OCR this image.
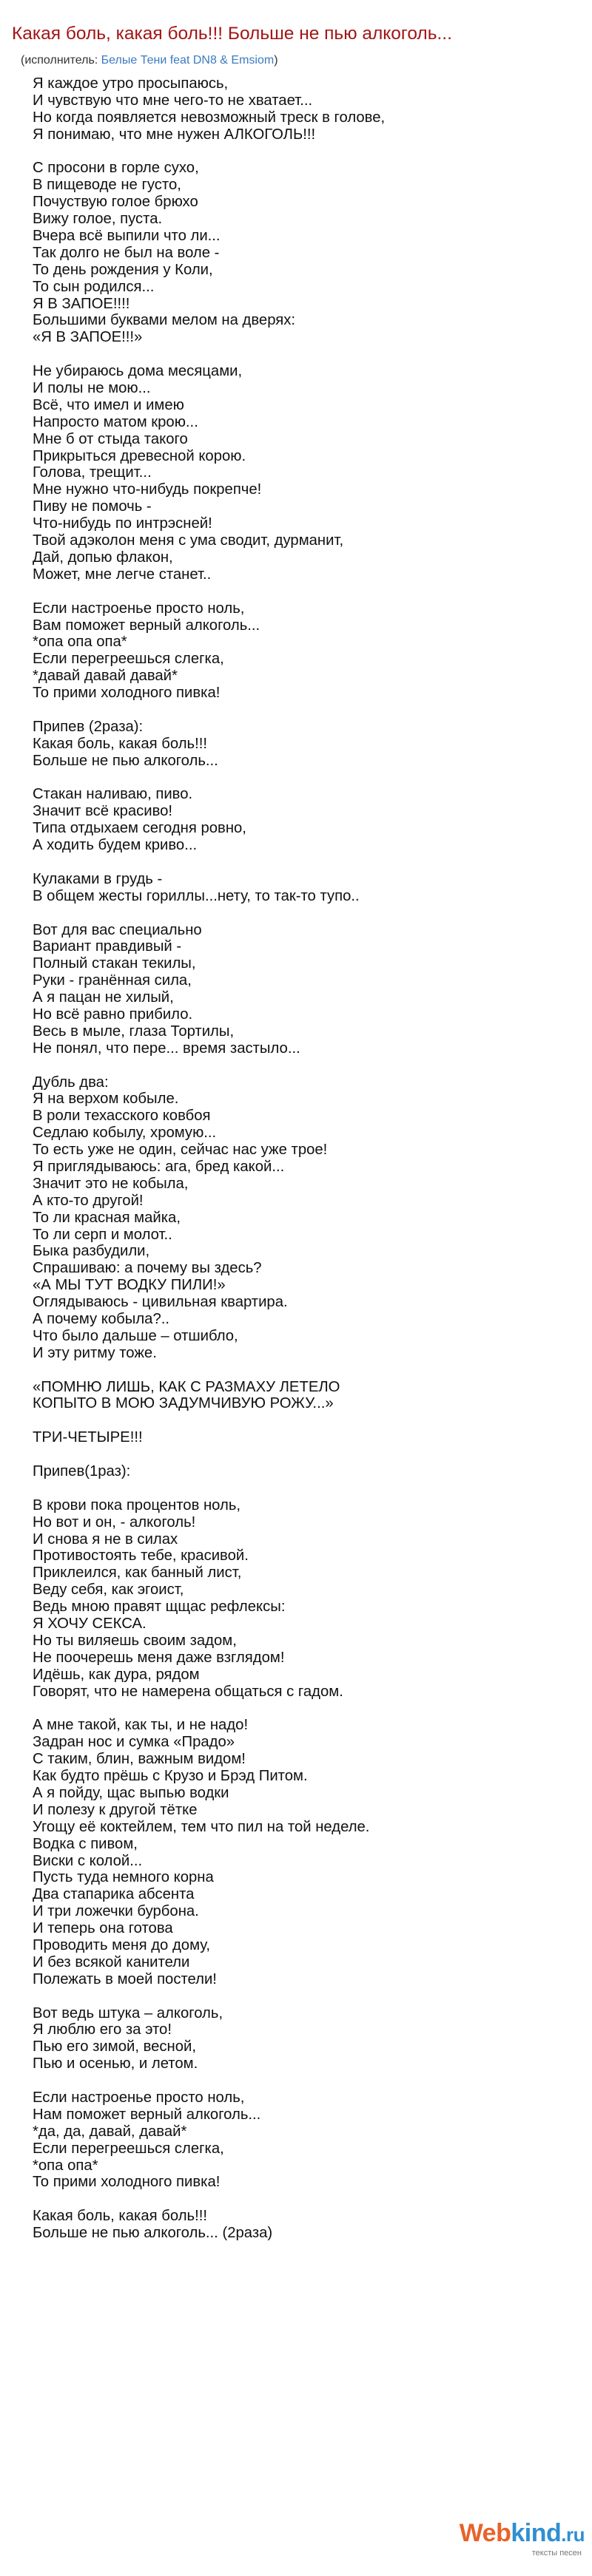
Какая боль, какая боль!!! Больше не пью алкоголь...
(исполнитель: Белые Тени feat DN8 & Emsiom)
Я каждое утро просыпаюсь,
И чувствую что мне чего-то не хватает...
Но когда появляется невозможный треск в голове,
Я понимаю, что мне нужен АЛКОГОЛЬ!!!
С просони в горле сухо,
В пищеводе не густо,
Почуствую голое брюхо
Вижу голое, пуста.
Вчера всё выпили что ли...
Так долго не был на воле -
То день рождения у Коли,
То сын родился...
Я В ЗАПОЕ!!!!
Большими буквами мелом на дверях:
«Я В ЗАПОЕ!!!»
Не убираюсь дома месяцами,
И полы не мою...
Всё, что имел и имею
Напросто матом крою...
Мне б от стыда такого
Прикрыться древесной корою.
Голова, трещит...
Мне нужно что-нибудь покрепче!
Пиву не помочь -
Что-нибудь по интрэсней!
Твой адэколон меня с ума сводит, дурманит,
Дай, допью флакон,
Может, мне легче станет..
Если настроенье просто ноль,
Вам поможет верный алкоголь...
*опа опа опа*
Если перегреешься слегка,
*давай давай давай*
То прими холодного пивка!
Припев (2раза):
Какая боль, какая боль!!!
Больше не пью алкоголь...
Стакан наливаю, пиво.
Значит всё красиво!
Типа отдыхаем сегодня ровно,
А ходить будем криво...
Кулаками в грудь -
В общем жесты гориллы...нету, то так-то тупо..
Вот для вас специально
Вариант правдивый -
Полный стакан текилы,
Руки - гранённая сила,
А я пацан не хилый,
Но всё равно прибило.
Весь в мыле, глаза Тортилы,
Не понял, что пере... время застыло...
Дубль два:
Я на верхом кобыле.
В роли техасского ковбоя
Седлаю кобылу, хромую...
То есть уже не один, сейчас нас уже трое!
Я приглядываюсь: ага, бред какой...
Значит это не кобыла,
А кто-то другой!
То ли красная майка,
То ли серп и молот..
Быка разбудили,
Спрашиваю: а почему вы здесь?
«А МЫ ТУТ ВОДКУ ПИЛИ!»
Оглядываюсь - цивильная квартира.
А почему кобыла?..
Что было дальше – отшибло,
И эту ритму тоже.
«ПОМНЮ ЛИШЬ, КАК С РАЗМАХУ ЛЕТЕЛО
КОПЫТО В МОЮ ЗАДУМЧИВУЮ РОЖУ...»
ТРИ-ЧЕТЫРЕ!!!
Припев(1раз):
В крови пока процентов ноль,
Но вот и он, - алкоголь!
И снова я не в силах
Противостоять тебе, красивой.
Приклеился, как банный лист,
Веду себя, как эгоист,
Ведь мною правят щщас рефлексы:
Я ХОЧУ СЕКСА.
Но ты виляешь своим задом,
Не поочерешь меня даже взглядом!
Идёшь, как дура, рядом
Говорят, что не намерена общаться с гадом.
А мне такой, как ты, и не надо!
Задран нос и сумка «Прадо»
С таким, блин, важным видом!
Как будто прёшь с Крузо и Брэд Питом.
А я пойду, щас выпью водки
И полезу к другой тётке
Угощу её коктейлем, тем что пил на той неделе.
Водка с пивом,
Виски с колой...
Пусть туда немного корна
Два стапарика абсента
И три ложечки бурбона.
И теперь она готова
Проводить меня до дому,
И без всякой канители
Полежать в моей постели!
Вот ведь штука – алкоголь,
Я люблю его за это!
Пью его зимой, весной,
Пью и осенью, и летом.
Если настроенье просто ноль,
Нам поможет верный алкоголь...
*да, да, давай, давай*
Если перегреешься слегка,
*опа опа*
То прими холодного пивка!
Какая боль, какая боль!!!
Больше не пью алкоголь... (2раза)
Webkind.ru
тексты песен
